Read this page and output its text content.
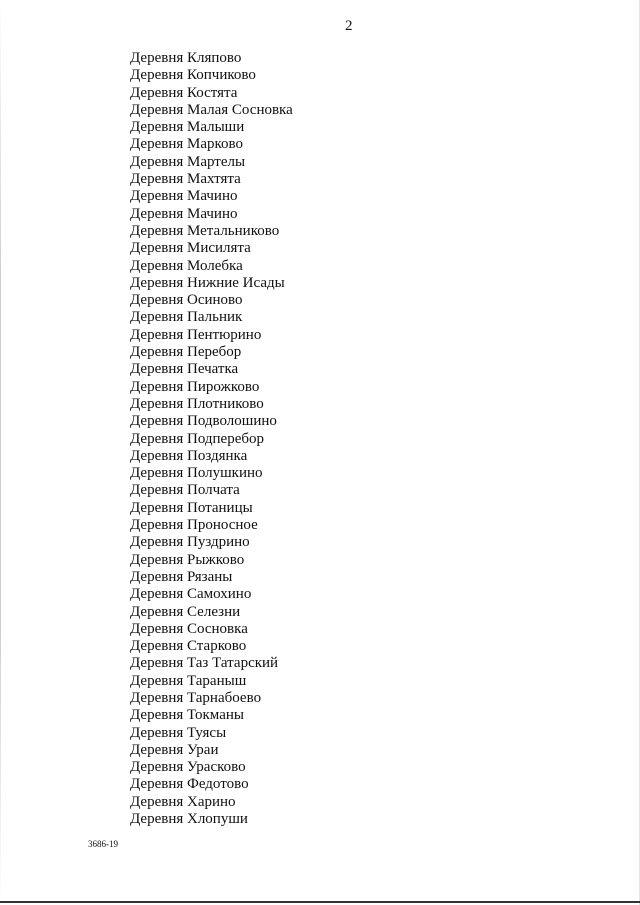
2
Деревня Кляпово
Деревня Копчиково
Деревня Костята
Деревня Малая Сосновка
Деревня Малыши
Деревня Марково
Деревня Мартелы
Деревня Махтята
Деревня Мачино
Деревня Мачино
Деревня Метальниково
Деревня Мисилята
Деревня Молебка
Деревня Нижние Исады
Деревня Осиново
Деревня Пальник
Деревня Пентюрино
Деревня Перебор
Деревня Печатка
Деревня Пирожково
Деревня Плотниково
Деревня Подволошино
Деревня Подперебор
Деревня Поздянка
Деревня Полушкино
Деревня Полчата
Деревня Потаницы
Деревня Проносное
Деревня Пуздрино
Деревня Рыжково
Деревня Рязаны
Деревня Самохино
Деревня Селезни
Деревня Сосновка
Деревня Старково
Деревня Таз Татарский
Деревня Тараныш
Деревня Тарнабоево
Деревня Токманы
Деревня Туясы
Деревня Ураи
Деревня Урасково
Деревня Федотово
Деревня Харино
Деревня Хлопуши
3686-19
